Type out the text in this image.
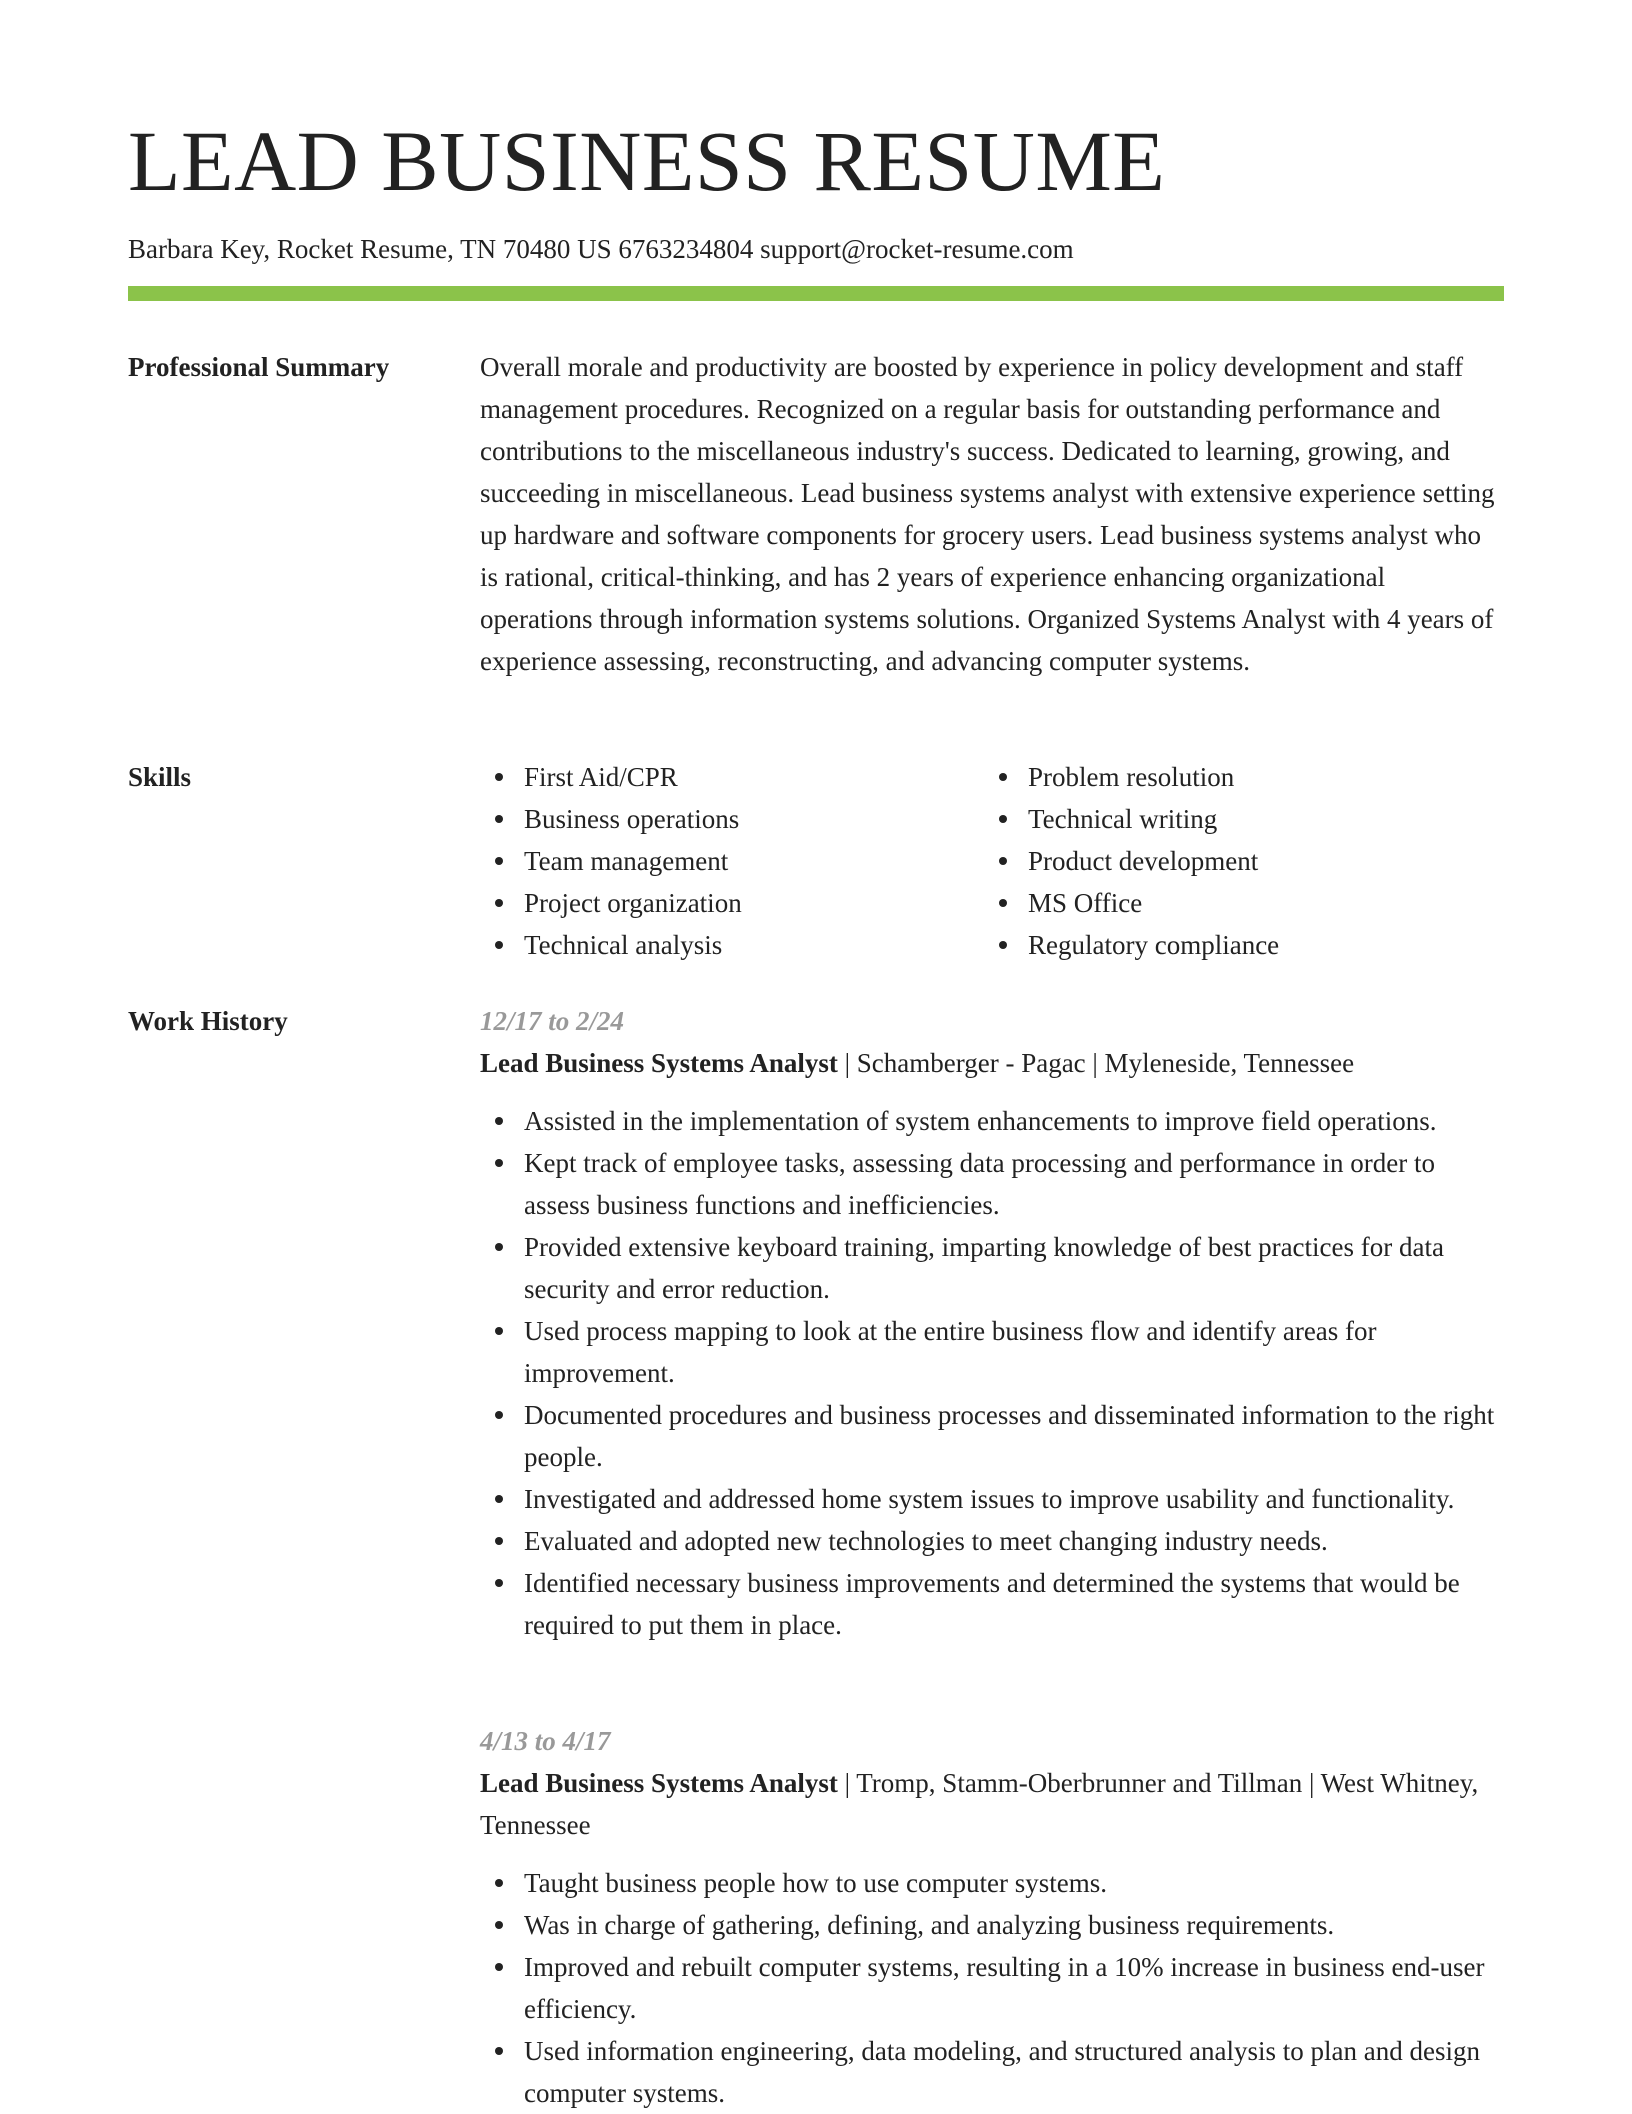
LEAD BUSINESS RESUME
Barbara Key, Rocket Resume, TN 70480 US 6763234804 support@rocket-resume.com
Professional Summary	Overall morale and productivity are boosted by experience in policy development and staff management procedures. Recognized on a regular basis for outstanding performance and contributions to the miscellaneous industry's success. Dedicated to learning, growing, and succeeding in miscellaneous. Lead business systems analyst with extensive experience setting up hardware and software components for grocery users. Lead business systems analyst who is rational, critical-thinking, and has 2 years of experience enhancing organizational operations through information systems solutions. Organized Systems Analyst with 4 years of experience assessing, reconstructing, and advancing computer systems.

Skills	First Aid/CPR
Business operations
Team management
Project organization
Technical analysis
Problem resolution
Technical writing
Product development
MS Office
Regulatory compliance
Work History	12/17 to 2/24
Lead Business Systems Analyst | Schamberger - Pagac | Myleneside, Tennessee
Assisted in the implementation of system enhancements to improve field operations.
Kept track of employee tasks, assessing data processing and performance in order to assess business functions and inefficiencies.
Provided extensive keyboard training, imparting knowledge of best practices for data security and error reduction.
Used process mapping to look at the entire business flow and identify areas for improvement.
Documented procedures and business processes and disseminated information to the right people.
Investigated and addressed home system issues to improve usability and functionality.
Evaluated and adopted new technologies to meet changing industry needs.
Identified necessary business improvements and determined the systems that would be required to put them in place.
4/13 to 4/17
Lead Business Systems Analyst | Tromp, Stamm-Oberbrunner and Tillman | West Whitney, Tennessee
Taught business people how to use computer systems.
Was in charge of gathering, defining, and analyzing business requirements.
Improved and rebuilt computer systems, resulting in a 10% increase in business end-user efficiency.
Used information engineering, data modeling, and structured analysis to plan and design computer systems.
